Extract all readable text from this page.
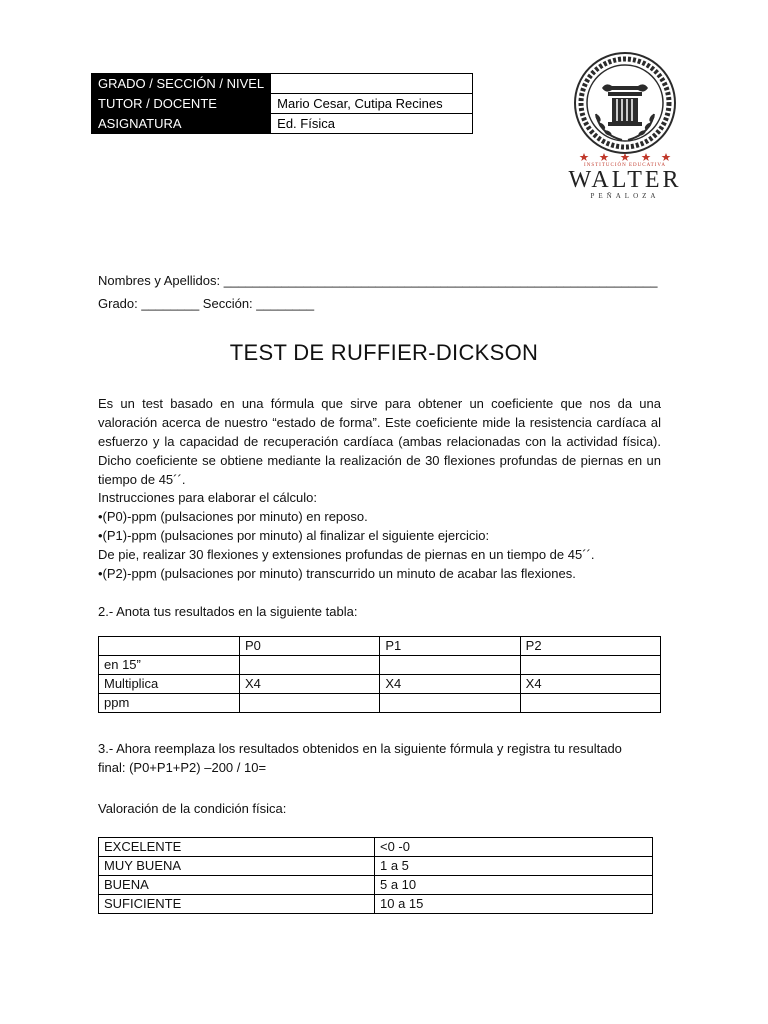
GRADO / SECCIÓN / NIVEL	
TUTOR / DOCENTE	Mario Cesar, Cutipa Recines
ASIGNATURA	Ed. Física
INSTITUCIÓN EDUCATIVA
WALTER
PEÑALOZA
Nombres y Apellidos: ____________________________________________________________
Grado: ________ Sección: ________
TEST DE RUFFIER-DICKSON
Es un test basado en una fórmula que sirve para obtener un coeficiente que nos da una valoración acerca de nuestro “estado de forma”. Este coeficiente mide la resistencia cardíaca al esfuerzo y la capacidad de recuperación cardíaca (ambas relacionadas con la actividad física). Dicho coeficiente se obtiene mediante la realización de 30 flexiones profundas de piernas en un tiempo de 45´´.
Instrucciones para elaborar el cálculo:
•(P0)-ppm (pulsaciones por minuto) en reposo.
•(P1)-ppm (pulsaciones por minuto) al finalizar el siguiente ejercicio:
De pie, realizar 30 flexiones y extensiones profundas de piernas en un tiempo de 45´´.
•(P2)-ppm (pulsaciones por minuto) transcurrido un minuto de acabar las flexiones.
2.- Anota tus resultados en la siguiente tabla:
	P0	P1	P2
en 15”			
Multiplica	X4	X4	X4
ppm			
3.- Ahora reemplaza los resultados obtenidos en la siguiente fórmula y registra tu resultado
final: (P0+P1+P2) –200 / 10=
Valoración de la condición física:
EXCELENTE	<0 -0
MUY BUENA	1 a 5
BUENA	5 a 10
SUFICIENTE	10 a 15
